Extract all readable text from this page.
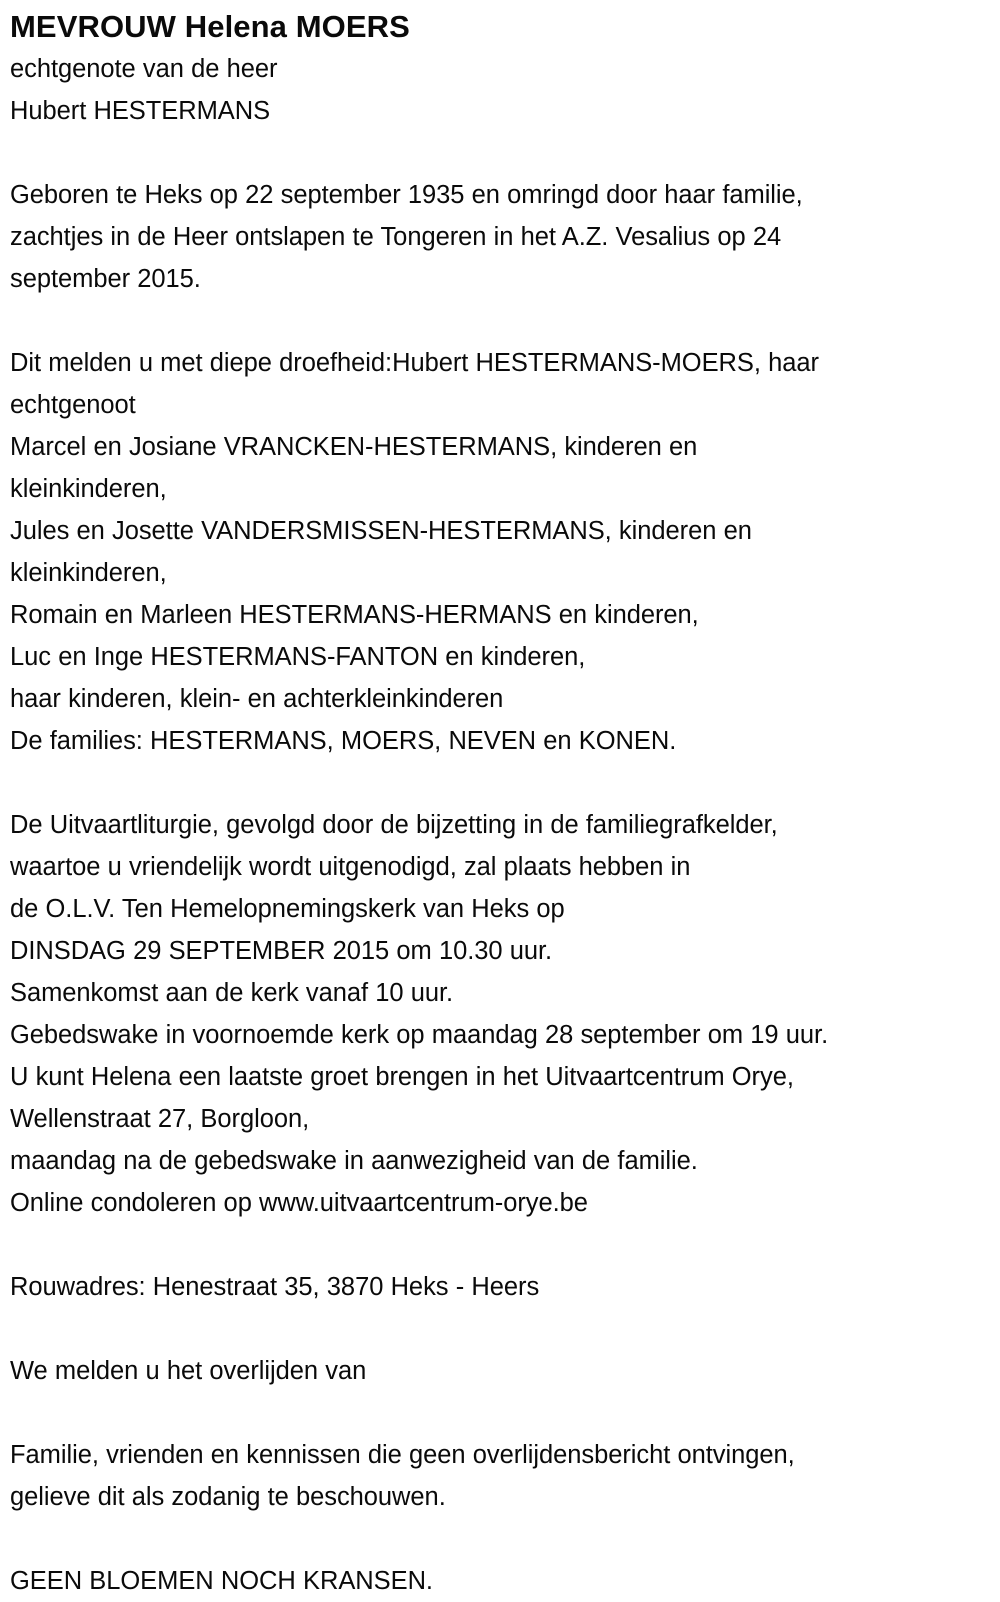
MEVROUW Helena MOERS
echtgenote van de heer
Hubert HESTERMANS

Geboren te Heks op 22 september 1935 en omringd door haar familie,
zachtjes in de Heer ontslapen te Tongeren in het A.Z. Vesalius op 24
september 2015.

Dit melden u met diepe droefheid:Hubert HESTERMANS-MOERS, haar
echtgenoot
Marcel en Josiane VRANCKEN-HESTERMANS, kinderen en
kleinkinderen,
Jules en Josette VANDERSMISSEN-HESTERMANS, kinderen en
kleinkinderen,
Romain en Marleen HESTERMANS-HERMANS en kinderen,
Luc en Inge HESTERMANS-FANTON en kinderen,
haar kinderen, klein- en achterkleinkinderen
De families: HESTERMANS, MOERS, NEVEN en KONEN.

De Uitvaartliturgie, gevolgd door de bijzetting in de familiegrafkelder,
waartoe u vriendelijk wordt uitgenodigd, zal plaats hebben in
de O.L.V. Ten Hemelopnemingskerk van Heks op
DINSDAG 29 SEPTEMBER 2015 om 10.30 uur.
Samenkomst aan de kerk vanaf 10 uur.
Gebedswake in voornoemde kerk op maandag 28 september om 19 uur.
U kunt Helena een laatste groet brengen in het Uitvaartcentrum Orye,
Wellenstraat 27, Borgloon,
maandag na de gebedswake in aanwezigheid van de familie.
Online condoleren op www.uitvaartcentrum-orye.be

Rouwadres: Henestraat 35, 3870 Heks - Heers

We melden u het overlijden van

Familie, vrienden en kennissen die geen overlijdensbericht ontvingen,
gelieve dit als zodanig te beschouwen.

GEEN BLOEMEN NOCH KRANSEN.
